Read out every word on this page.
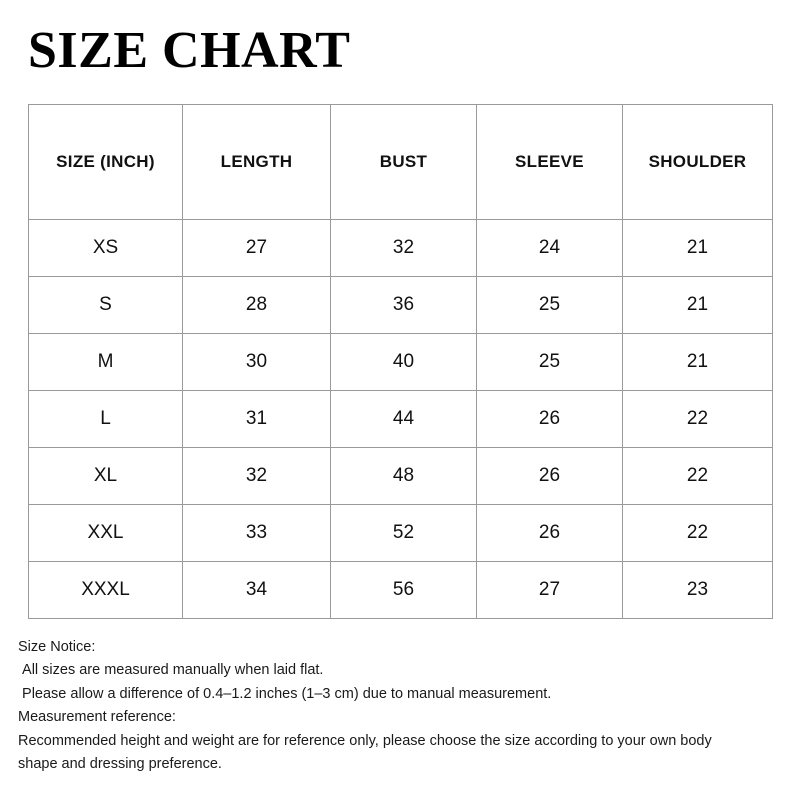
SIZE CHART
SIZE (INCH)	LENGTH	BUST	SLEEVE	SHOULDER
XS	27	32	24	21
S	28	36	25	21
M	30	40	25	21
L	31	44	26	22
XL	32	48	26	22
XXL	33	52	26	22
XXXL	34	56	27	23
Size Notice:
All sizes are measured manually when laid flat.
Please allow a difference of 0.4–1.2 inches (1–3 cm) due to manual measurement.
Measurement reference:
Recommended height and weight are for reference only, please choose the size according to your own body
shape and dressing preference.
